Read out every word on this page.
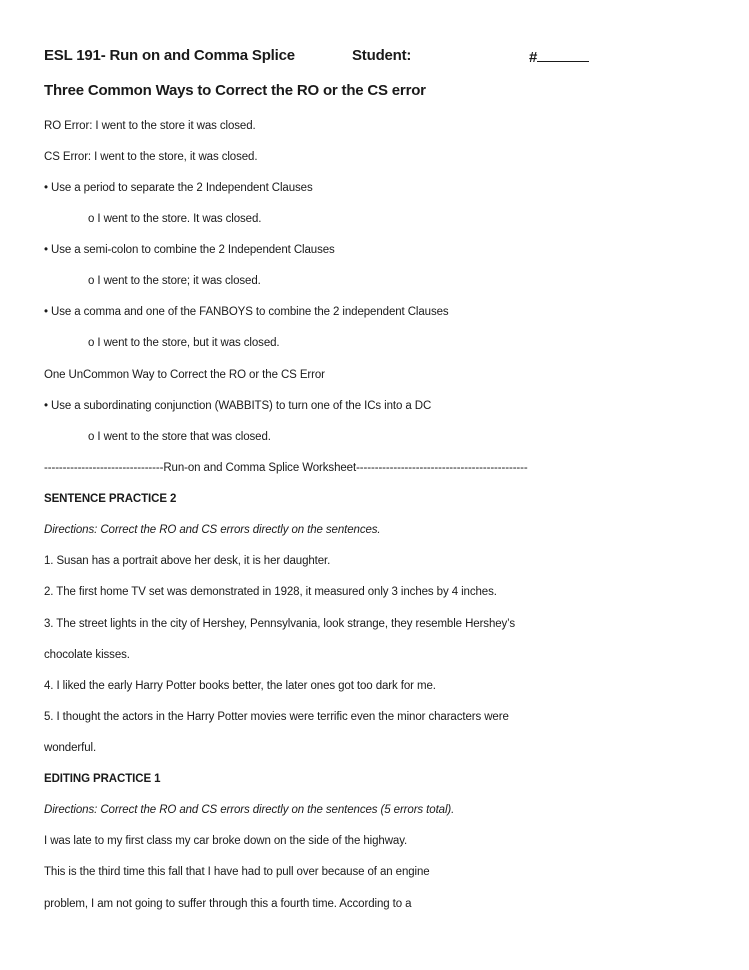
ESL 191- Run on and Comma Splice	Student:	#
Three Common Ways to Correct the RO or the CS error
RO Error: I went to the store it was closed.
CS Error: I went to the store, it was closed.
• Use a period to separate the 2 Independent Clauses
o I went to the store. It was closed.
• Use a semi-colon to combine the 2 Independent Clauses
o I went to the store; it was closed.
• Use a comma and one of the FANBOYS to combine the 2 independent Clauses
o I went to the store, but it was closed.
One UnCommon Way to Correct the RO or the CS Error
• Use a subordinating conjunction (WABBITS) to turn one of the ICs into a DC
o I went to the store that was closed.
--------------------------------Run-on and Comma Splice Worksheet----------------------------------------------
SENTENCE PRACTICE 2
Directions: Correct the RO and CS errors directly on the sentences.
1. Susan has a portrait above her desk, it is her daughter.
2. The first home TV set was demonstrated in 1928, it measured only 3 inches by 4 inches.
3. The street lights in the city of Hershey, Pennsylvania, look strange, they resemble Hershey’s
chocolate kisses.
4. I liked the early Harry Potter books better, the later ones got too dark for me.
5. I thought the actors in the Harry Potter movies were terrific even the minor characters were
wonderful.
EDITING PRACTICE 1
Directions: Correct the RO and CS errors directly on the sentences (5 errors total).
I was late to my first class my car broke down on the side of the highway.
This is the third time this fall that I have had to pull over because of an engine
problem, I am not going to suffer through this a fourth time. According to a
